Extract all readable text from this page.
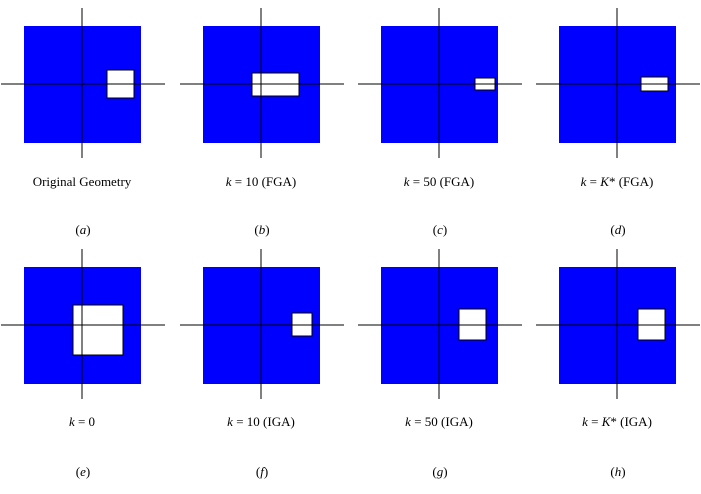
Original Geometry	k = 10 (FGA)	k = 50 (FGA)	k = K* (FGA)
(a)	(b)	(c)	(d)
k = 0	k = 10 (IGA)	k = 50 (IGA)	k = K* (IGA)
(e)	(f)	(g)	(h)
